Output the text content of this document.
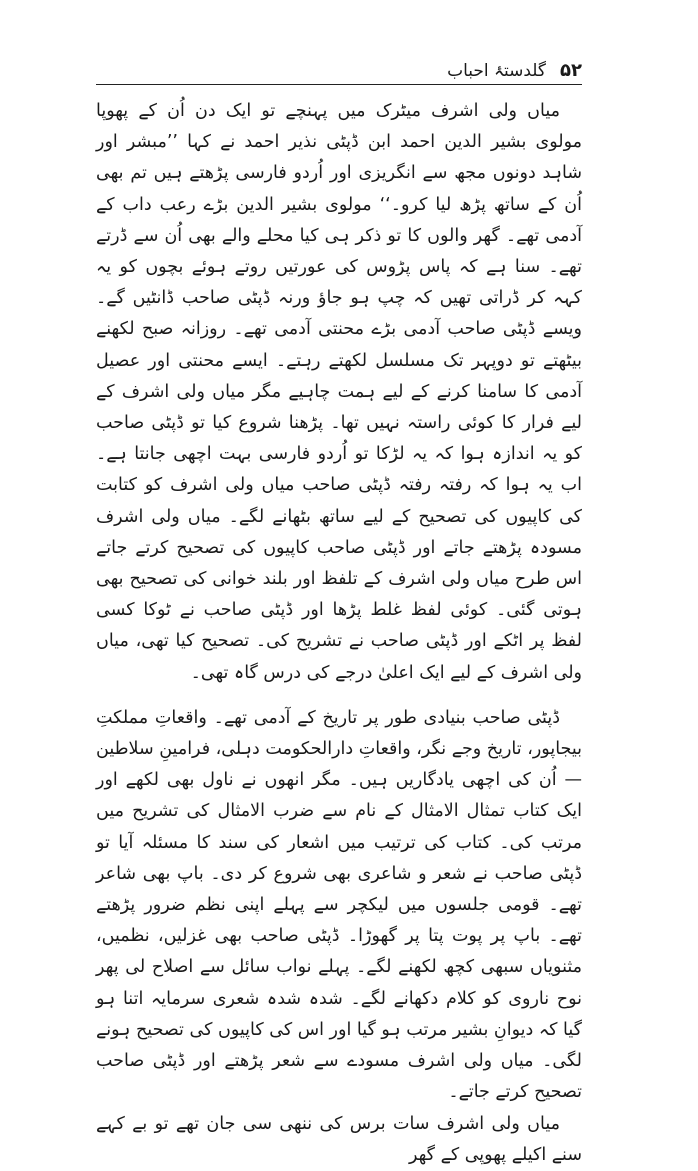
۵۲
گلدستۂ احباب

میاں ولی اشرف میٹرک میں پہنچے تو ایک دن اُن کے پھوپا مولوی بشیر الدین احمد ابن ڈپٹی نذیر احمد نے کہا ’’مبشر اور شاہد دونوں مجھ سے انگریزی اور اُردو فارسی پڑھتے ہیں تم بھی اُن کے ساتھ پڑھ لیا کرو۔‘‘ مولوی بشیر الدین بڑے رعب داب کے آدمی تھے۔ گھر والوں کا تو ذکر ہی کیا محلے والے بھی اُن سے ڈرتے تھے۔ سنا ہے کہ پاس پڑوس کی عورتیں روتے ہوئے بچوں کو یہ کہہ کر ڈراتی تھیں کہ چپ ہو جاؤ ورنہ ڈپٹی صاحب ڈانٹیں گے۔ ویسے ڈپٹی صاحب آدمی بڑے محنتی آدمی تھے۔ روزانہ صبح لکھنے بیٹھتے تو دوپہر تک مسلسل لکھتے رہتے۔ ایسے محنتی اور عصیل آدمی کا سامنا کرنے کے لیے ہمت چاہیے مگر میاں ولی اشرف کے لیے فرار کا کوئی راستہ نہیں تھا۔ پڑھنا شروع کیا تو ڈپٹی صاحب کو یہ اندازہ ہوا کہ یہ لڑکا تو اُردو فارسی بہت اچھی جانتا ہے۔ اب یہ ہوا کہ رفتہ رفتہ ڈپٹی صاحب میاں ولی اشرف کو کتابت کی کاپیوں کی تصحیح کے لیے ساتھ بٹھانے لگے۔ میاں ولی اشرف مسودہ پڑھتے جاتے اور ڈپٹی صاحب کاپیوں کی تصحیح کرتے جاتے اس طرح میاں ولی اشرف کے تلفظ اور بلند خوانی کی تصحیح بھی ہوتی گئی۔ کوئی لفظ غلط پڑھا اور ڈپٹی صاحب نے ٹوکا کسی لفظ پر اٹکے اور ڈپٹی صاحب نے تشریح کی۔ تصحیح کیا تھی، میاں ولی اشرف کے لیے ایک اعلیٰ درجے کی درس گاہ تھی۔

ڈپٹی صاحب بنیادی طور پر تاریخ کے آدمی تھے۔ واقعاتِ مملکتِ بیجاپور، تاریخ وجے نگر، واقعاتِ دارالحکومت دہلی، فرامینِ سلاطین — اُن کی اچھی یادگاریں ہیں۔ مگر انھوں نے ناول بھی لکھے اور ایک کتاب تمثال الامثال کے نام سے ضرب الامثال کی تشریح میں مرتب کی۔ کتاب کی ترتیب میں اشعار کی سند کا مسئلہ آیا تو ڈپٹی صاحب نے شعر و شاعری بھی شروع کر دی۔ باپ بھی شاعر تھے۔ قومی جلسوں میں لیکچر سے پہلے اپنی نظم ضرور پڑھتے تھے۔ باپ پر پوت پتا پر گھوڑا۔ ڈپٹی صاحب بھی غزلیں، نظمیں، مثنویاں سبھی کچھ لکھنے لگے۔ پہلے نواب سائل سے اصلاح لی پھر نوح ناروی کو کلام دکھانے لگے۔ شدہ شدہ شعری سرمایہ اتنا ہو گیا کہ دیوانِ بشیر مرتب ہو گیا اور اس کی کاپیوں کی تصحیح ہونے لگی۔ میاں ولی اشرف مسودے سے شعر پڑھتے اور ڈپٹی صاحب تصحیح کرتے جاتے۔

میاں ولی اشرف سات برس کی ننھی سی جان تھے تو بے کہے سنے اکیلے پھوپی کے گھر
